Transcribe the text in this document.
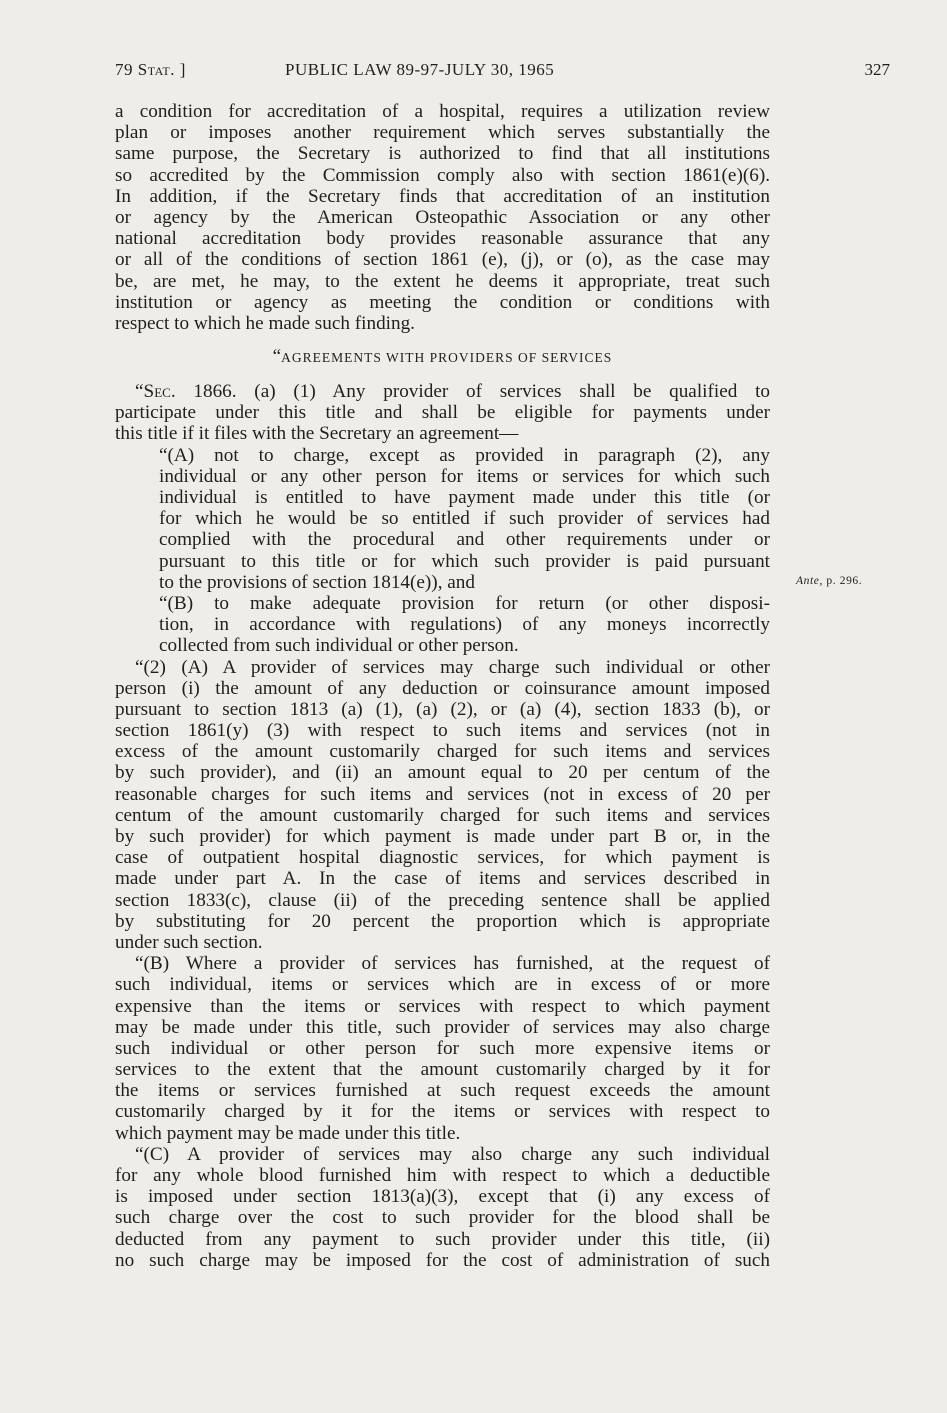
79 Stat. ]	PUBLIC LAW 89-97-JULY 30, 1965	327
Ante, p. 296.
a condition for accreditation of a hospital, requires a utilization review
plan or imposes another requirement which serves substantially the
same purpose, the Secretary is authorized to find that all institutions
so accredited by the Commission comply also with section 1861(e)(6).
In addition, if the Secretary finds that accreditation of an institution
or agency by the American Osteopathic Association or any other
national accreditation body provides reasonable assurance that any
or all of the conditions of section 1861 (e), (j), or (o), as the case may
be, are met, he may, to the extent he deems it appropriate, treat such
institution or agency as meeting the condition or conditions with
respect to which he made such finding.
“AGREEMENTS WITH PROVIDERS OF SERVICES
“Sec. 1866. (a) (1) Any provider of services shall be qualified to
participate under this title and shall be eligible for payments under
this title if it files with the Secretary an agreement—
“(A) not to charge, except as provided in paragraph (2), any
individual or any other person for items or services for which such
individual is entitled to have payment made under this title (or
for which he would be so entitled if such provider of services had
complied with the procedural and other requirements under or
pursuant to this title or for which such provider is paid pursuant
to the provisions of section 1814(e)), and
“(B) to make adequate provision for return (or other disposi-
tion, in accordance with regulations) of any moneys incorrectly
collected from such individual or other person.
“(2) (A) A provider of services may charge such individual or other
person (i) the amount of any deduction or coinsurance amount imposed
pursuant to section 1813 (a) (1), (a) (2), or (a) (4), section 1833 (b), or
section 1861(y) (3) with respect to such items and services (not in
excess of the amount customarily charged for such items and services
by such provider), and (ii) an amount equal to 20 per centum of the
reasonable charges for such items and services (not in excess of 20 per
centum of the amount customarily charged for such items and services
by such provider) for which payment is made under part B or, in the
case of outpatient hospital diagnostic services, for which payment is
made under part A. In the case of items and services described in
section 1833(c), clause (ii) of the preceding sentence shall be applied
by substituting for 20 percent the proportion which is appropriate
under such section.
“(B) Where a provider of services has furnished, at the request of
such individual, items or services which are in excess of or more
expensive than the items or services with respect to which payment
may be made under this title, such provider of services may also charge
such individual or other person for such more expensive items or
services to the extent that the amount customarily charged by it for
the items or services furnished at such request exceeds the amount
customarily charged by it for the items or services with respect to
which payment may be made under this title.
“(C) A provider of services may also charge any such individual
for any whole blood furnished him with respect to which a deductible
is imposed under section 1813(a)(3), except that (i) any excess of
such charge over the cost to such provider for the blood shall be
deducted from any payment to such provider under this title, (ii)
no such charge may be imposed for the cost of administration of such
